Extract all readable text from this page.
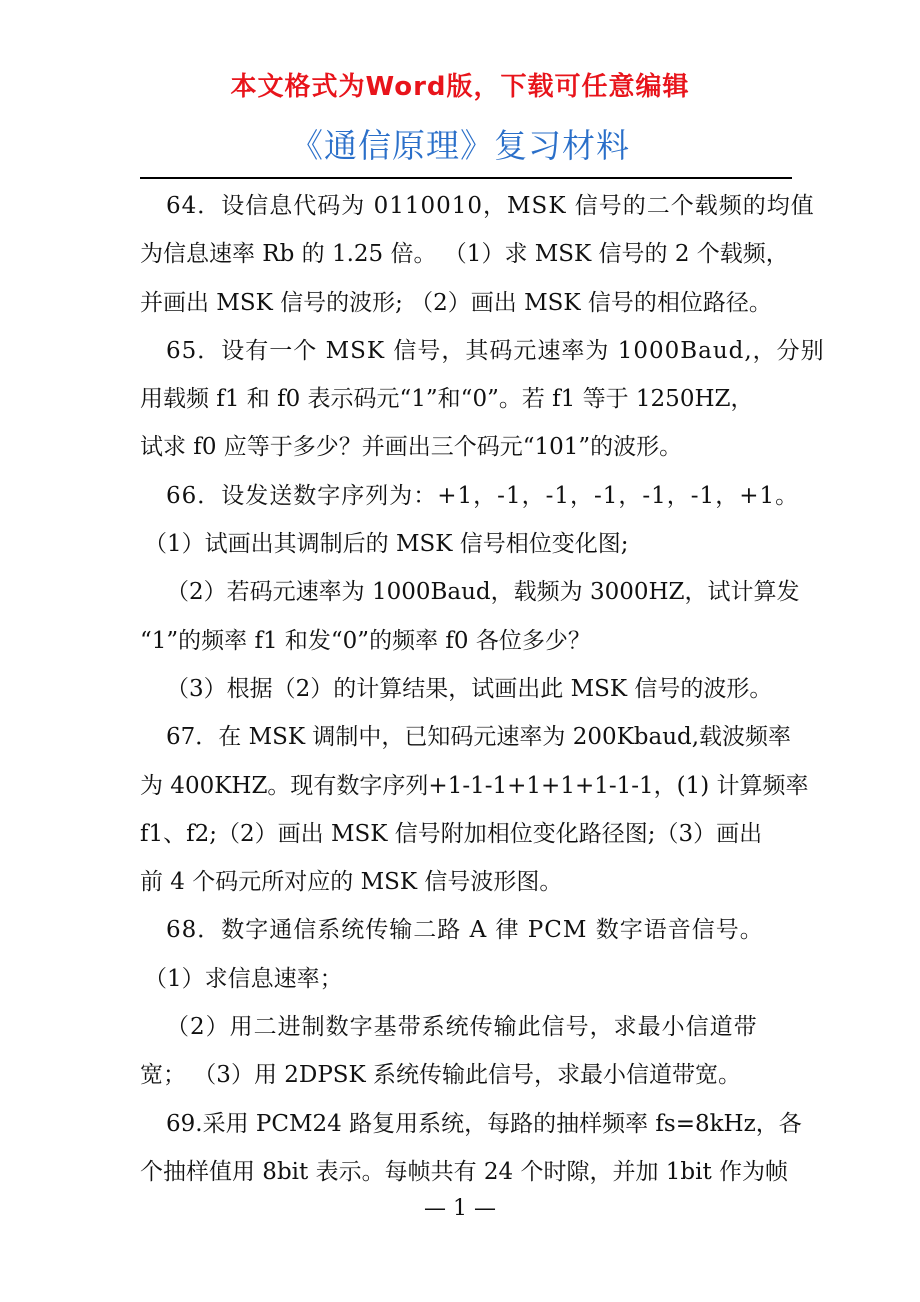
本文格式为Word版，下载可任意编辑
《通信原理》复习材料
64．设信息代码为 0110010，MSK 信号的二个载频的均值
为信息速率 Rb 的 1.25 倍。 （1）求 MSK 信号的 2 个载频，
并画出 MSK 信号的波形; （2）画出 MSK 信号的相位路径。
65．设有一个 MSK 信号，其码元速率为 1000Baud,，分别
用载频 f1 和 f0 表示码元“1”和“0”。若 f1 等于 1250HZ，
试求 f0 应等于多少？并画出三个码元“101”的波形。
66．设发送数字序列为：+1，-1，-1，-1，-1，-1，+1。
（1）试画出其调制后的 MSK 信号相位变化图;
（2）若码元速率为 1000Baud，载频为 3000HZ，试计算发
“1”的频率 f1 和发“0”的频率 f0 各位多少？
（3）根据（2）的计算结果，试画出此 MSK 信号的波形。
67．在 MSK 调制中，已知码元速率为 200Kbaud,载波频率
为 400KHZ。现有数字序列+1-1-1+1+1+1-1-1，(1) 计算频率
f1、f2;（2）画出 MSK 信号附加相位变化路径图;（3）画出
前 4 个码元所对应的 MSK 信号波形图。
68．数字通信系统传输二路 A 律 PCM 数字语音信号。
（1）求信息速率；
（2）用二进制数字基带系统传输此信号，求最小信道带
宽； （3）用 2DPSK 系统传输此信号，求最小信道带宽。
69.采用 PCM24 路复用系统，每路的抽样频率 fs=8kHz，各
个抽样值用 8bit 表示。每帧共有 24 个时隙，并加 1bit 作为帧
— 1 —
